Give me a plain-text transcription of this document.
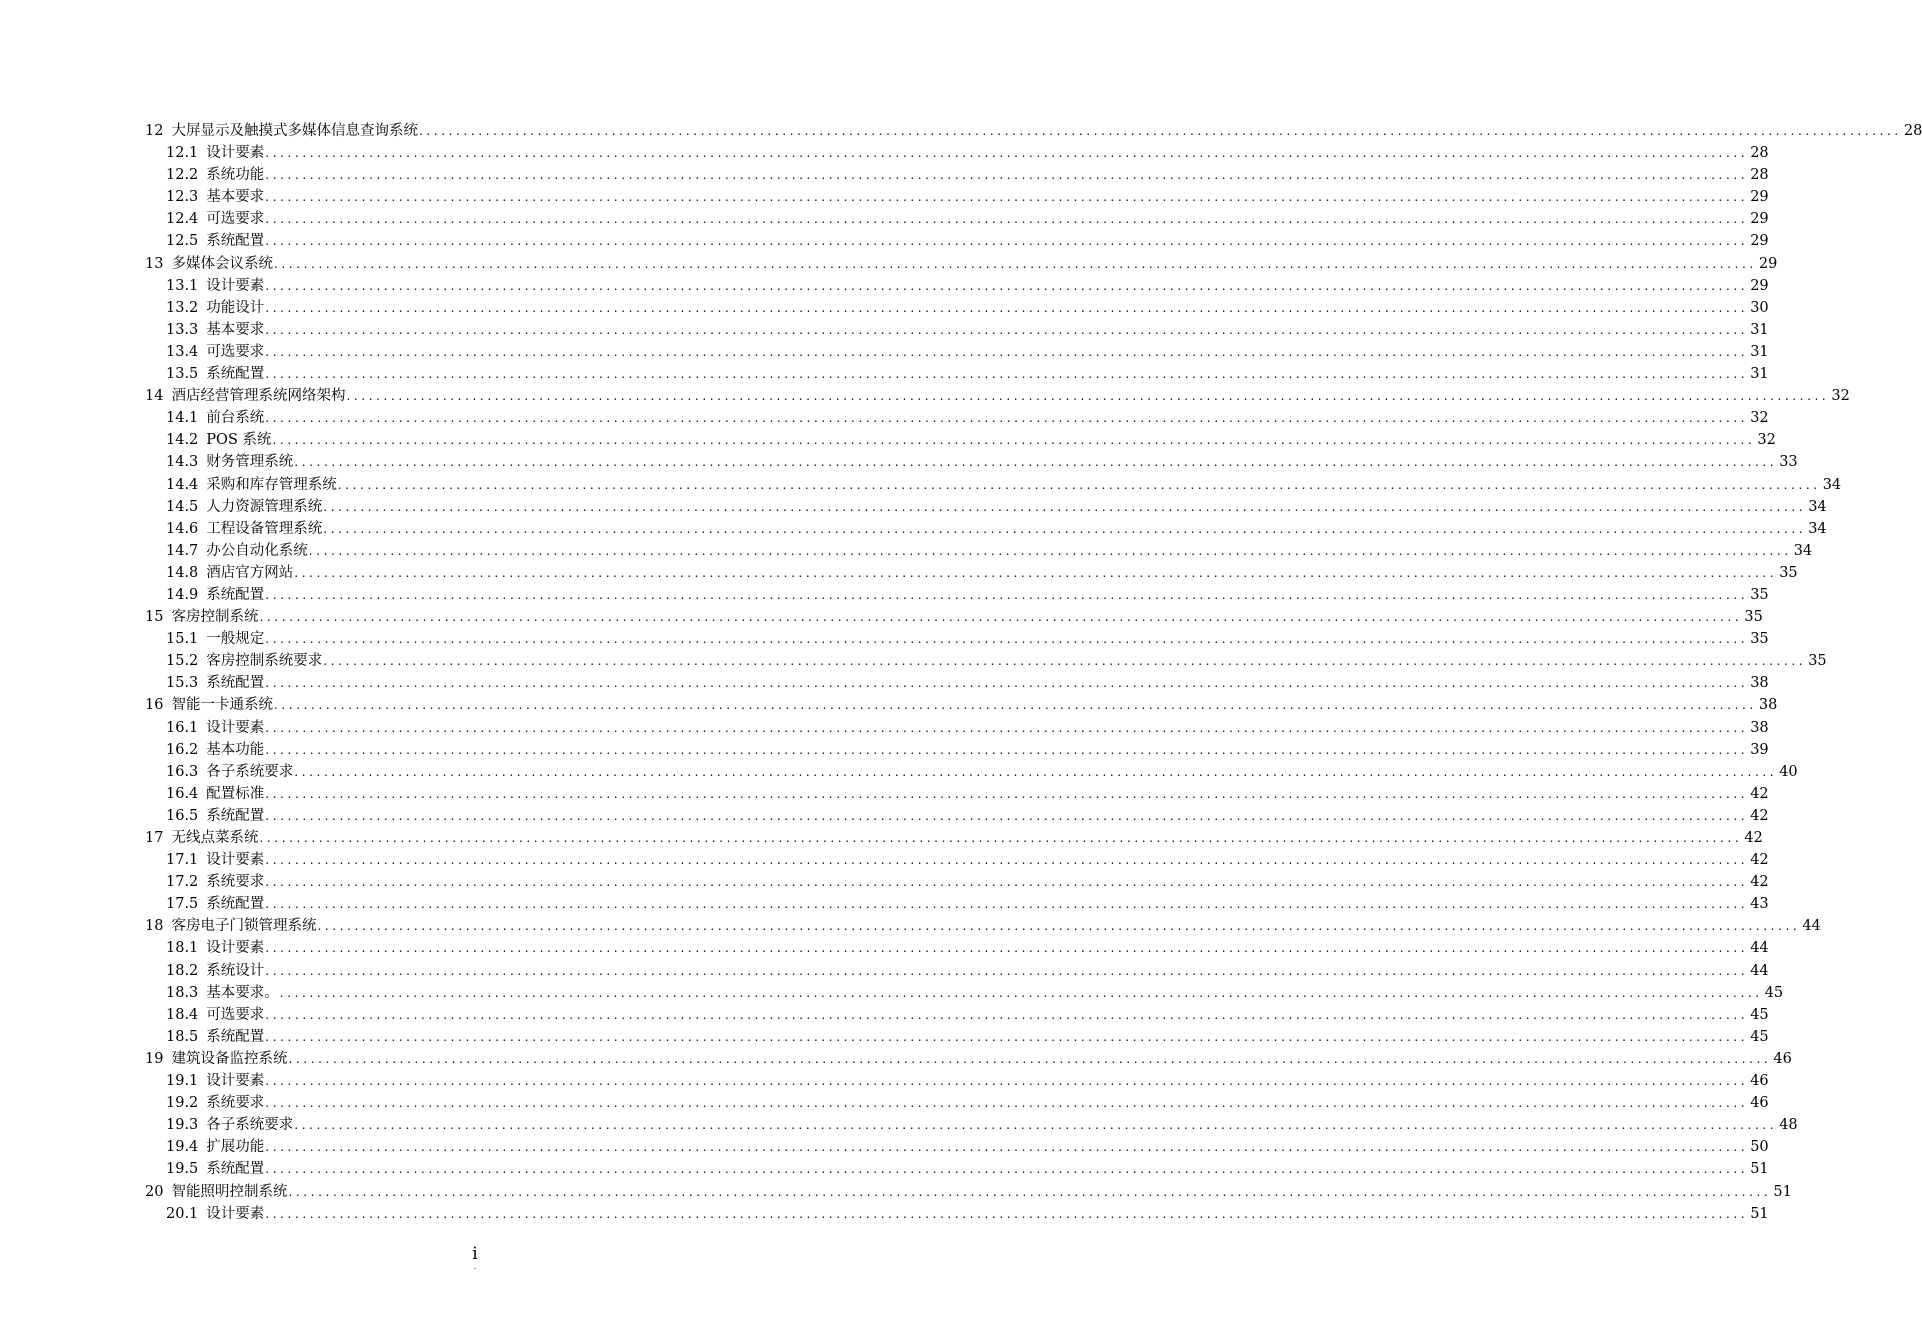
12 大屏显示及触摸式多媒体信息查询系统 ........................................................................................................................................................................................................ 28
12.1 设计要素 ........................................................................................................................................................................................................ 28
12.2 系统功能 ........................................................................................................................................................................................................ 28
12.3 基本要求 ........................................................................................................................................................................................................ 29
12.4 可选要求 ........................................................................................................................................................................................................ 29
12.5 系统配置 ........................................................................................................................................................................................................ 29
13 多媒体会议系统 ........................................................................................................................................................................................................ 29
13.1 设计要素 ........................................................................................................................................................................................................ 29
13.2 功能设计 ........................................................................................................................................................................................................ 30
13.3 基本要求 ........................................................................................................................................................................................................ 31
13.4 可选要求 ........................................................................................................................................................................................................ 31
13.5 系统配置 ........................................................................................................................................................................................................ 31
14 酒店经营管理系统网络架构 ........................................................................................................................................................................................................ 32
14.1 前台系统 ........................................................................................................................................................................................................ 32
14.2 POS 系统 ........................................................................................................................................................................................................ 32
14.3 财务管理系统 ........................................................................................................................................................................................................ 33
14.4 采购和库存管理系统 ........................................................................................................................................................................................................ 34
14.5 人力资源管理系统 ........................................................................................................................................................................................................ 34
14.6 工程设备管理系统 ........................................................................................................................................................................................................ 34
14.7 办公自动化系统 ........................................................................................................................................................................................................ 34
14.8 酒店官方网站 ........................................................................................................................................................................................................ 35
14.9 系统配置 ........................................................................................................................................................................................................ 35
15 客房控制系统 ........................................................................................................................................................................................................ 35
15.1 一般规定 ........................................................................................................................................................................................................ 35
15.2 客房控制系统要求 ........................................................................................................................................................................................................ 35
15.3 系统配置 ........................................................................................................................................................................................................ 38
16 智能一卡通系统 ........................................................................................................................................................................................................ 38
16.1 设计要素 ........................................................................................................................................................................................................ 38
16.2 基本功能 ........................................................................................................................................................................................................ 39
16.3 各子系统要求 ........................................................................................................................................................................................................ 40
16.4 配置标准 ........................................................................................................................................................................................................ 42
16.5 系统配置 ........................................................................................................................................................................................................ 42
17 无线点菜系统 ........................................................................................................................................................................................................ 42
17.1 设计要素 ........................................................................................................................................................................................................ 42
17.2 系统要求 ........................................................................................................................................................................................................ 42
17.5 系统配置 ........................................................................................................................................................................................................ 43
18 客房电子门锁管理系统 ........................................................................................................................................................................................................ 44
18.1 设计要素 ........................................................................................................................................................................................................ 44
18.2 系统设计 ........................................................................................................................................................................................................ 44
18.3 基本要求。 ........................................................................................................................................................................................................ 45
18.4 可选要求 ........................................................................................................................................................................................................ 45
18.5 系统配置 ........................................................................................................................................................................................................ 45
19 建筑设备监控系统 ........................................................................................................................................................................................................ 46
19.1 设计要素 ........................................................................................................................................................................................................ 46
19.2 系统要求 ........................................................................................................................................................................................................ 46
19.3 各子系统要求 ........................................................................................................................................................................................................ 48
19.4 扩展功能 ........................................................................................................................................................................................................ 50
19.5 系统配置 ........................................................................................................................................................................................................ 51
20 智能照明控制系统 ........................................................................................................................................................................................................ 51
20.1 设计要素 ........................................................................................................................................................................................................ 51
i
.
